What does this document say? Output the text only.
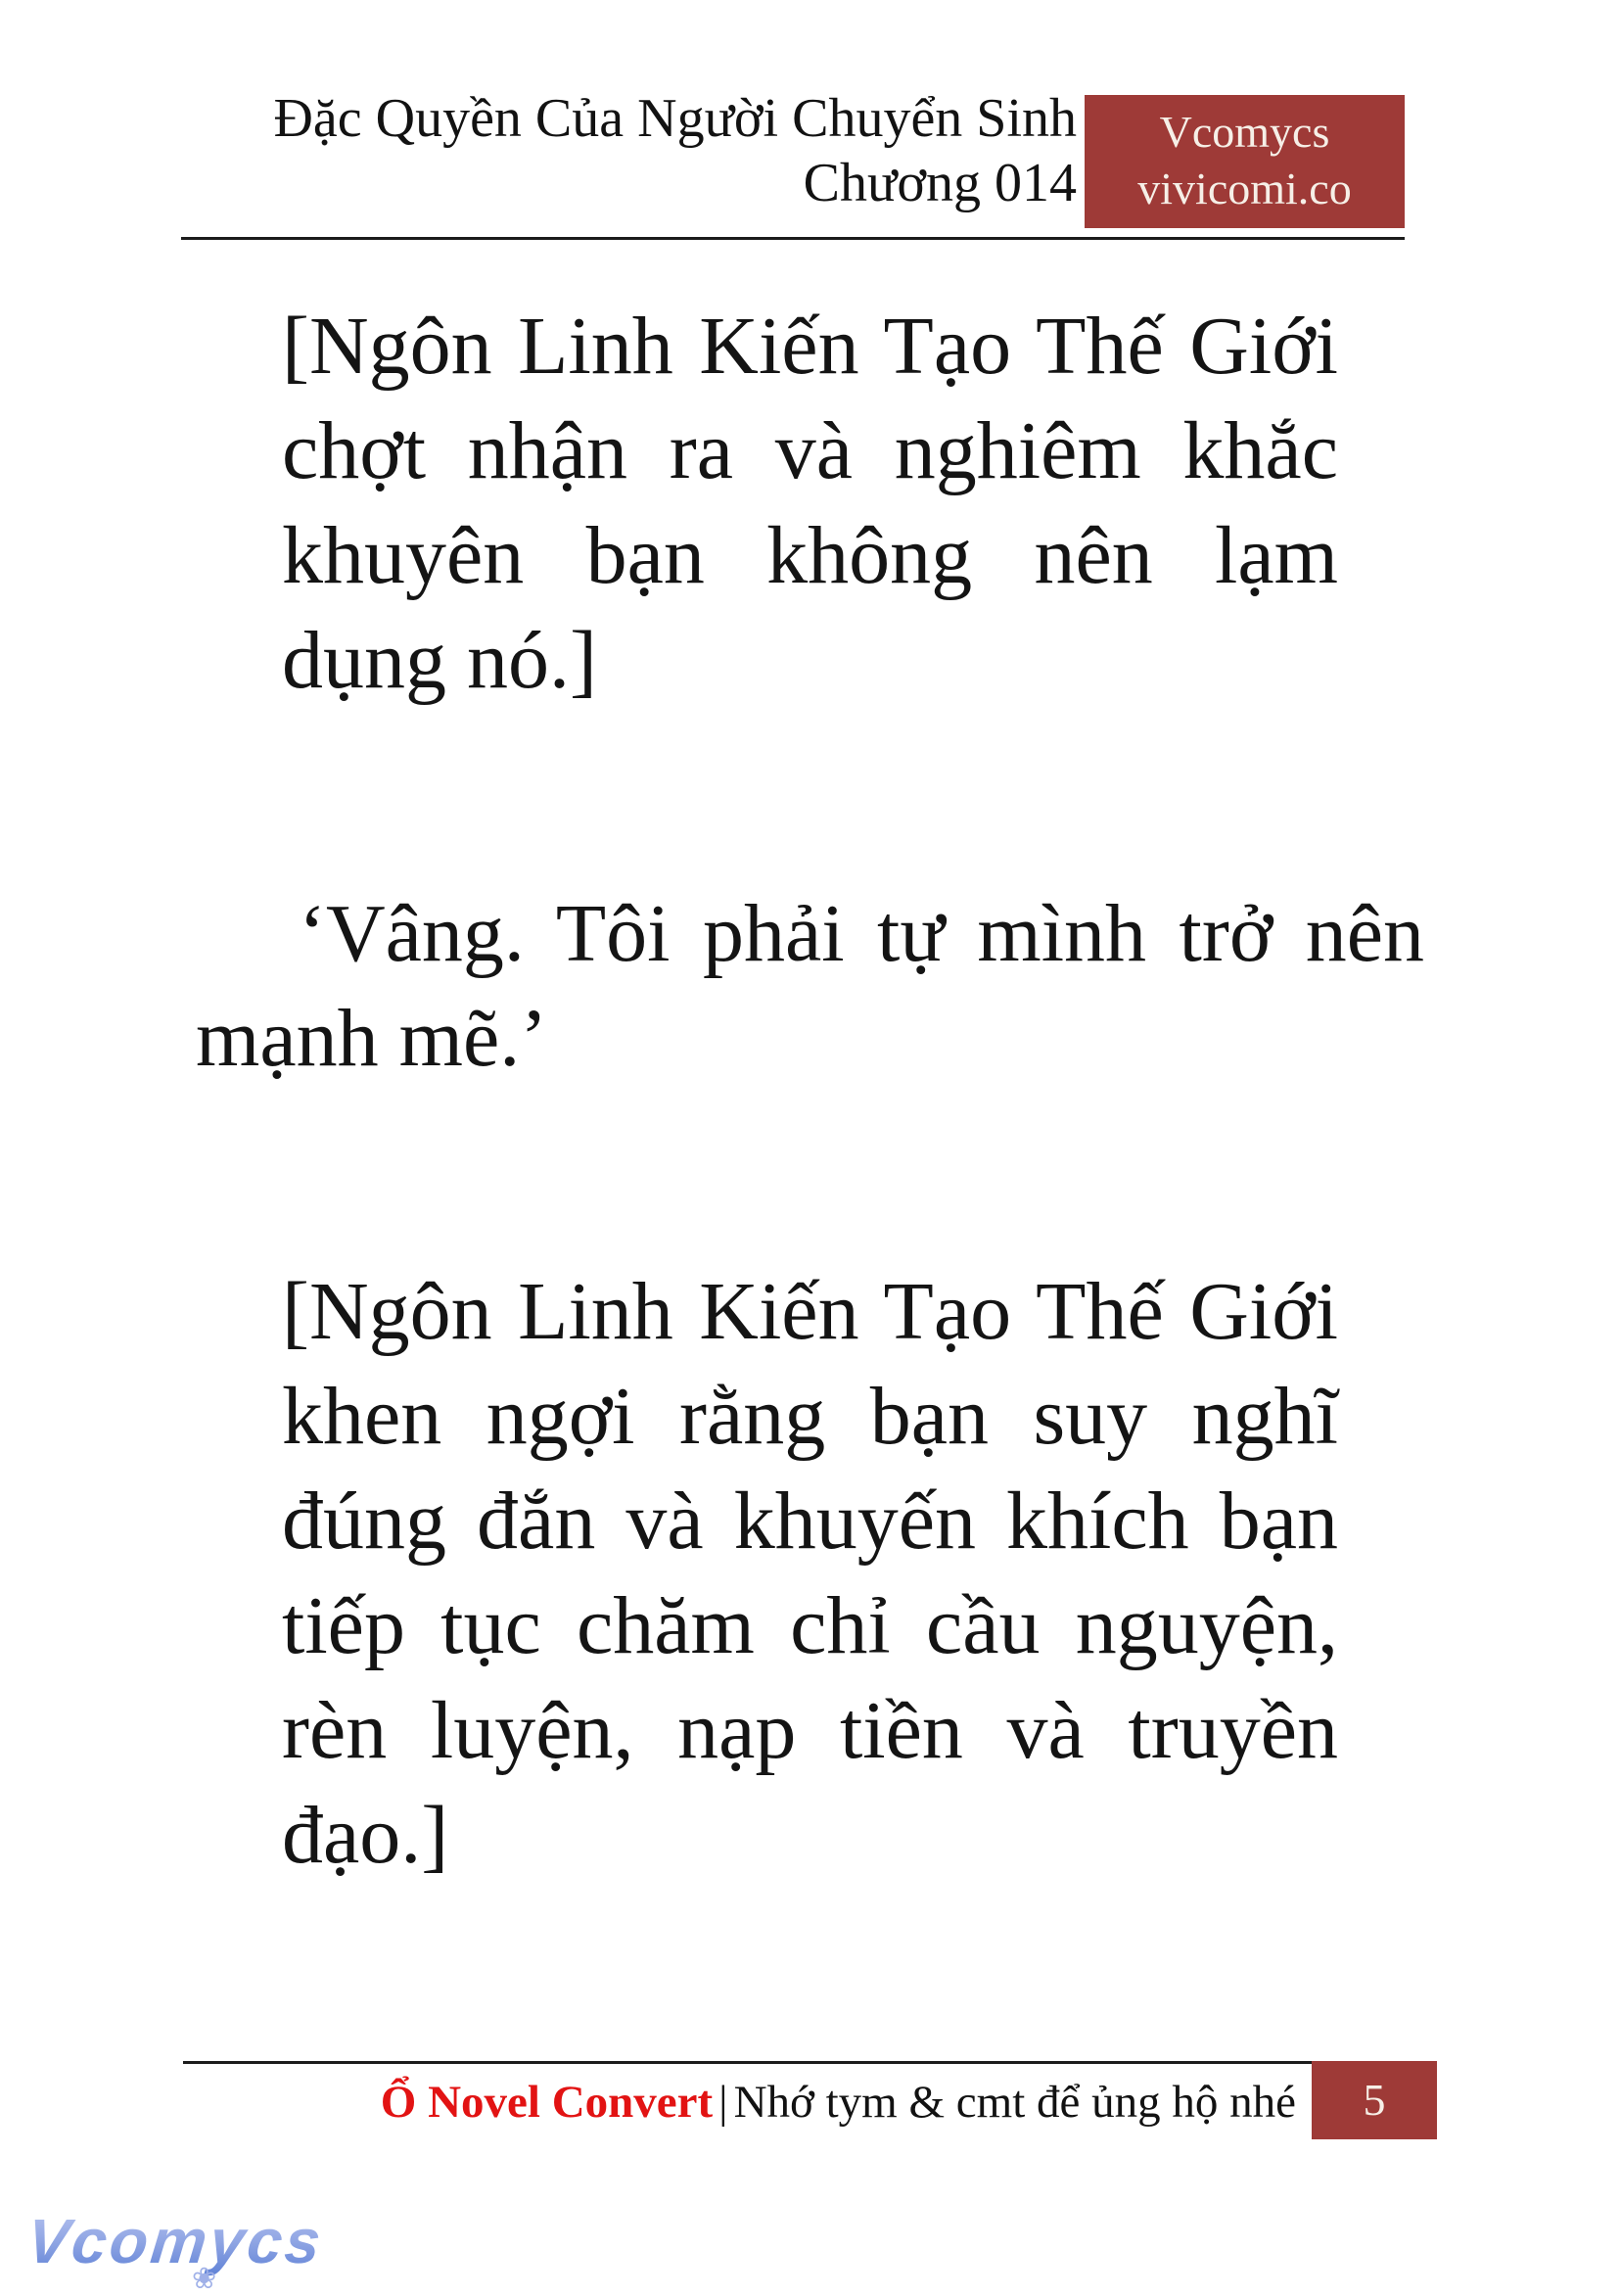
Đặc Quyền Của Người Chuyển Sinh
Chương 014
Vcomycs
vivicomi.co
[Ngôn Linh Kiến Tạo Thế Giới
chợt nhận ra và nghiêm khắc
khuyên bạn không nên lạm
dụng nó.]
‘Vâng. Tôi phải tự mình trở nên
mạnh mẽ.’
[Ngôn Linh Kiến Tạo Thế Giới
khen ngợi rằng bạn suy nghĩ
đúng đắn và khuyến khích bạn
tiếp tục chăm chỉ cầu nguyện,
rèn luyện, nạp tiền và truyền
đạo.]
Ổ Novel Convert | Nhớ tym & cmt để ủng hộ nhé	5
Vcomycs
❀
